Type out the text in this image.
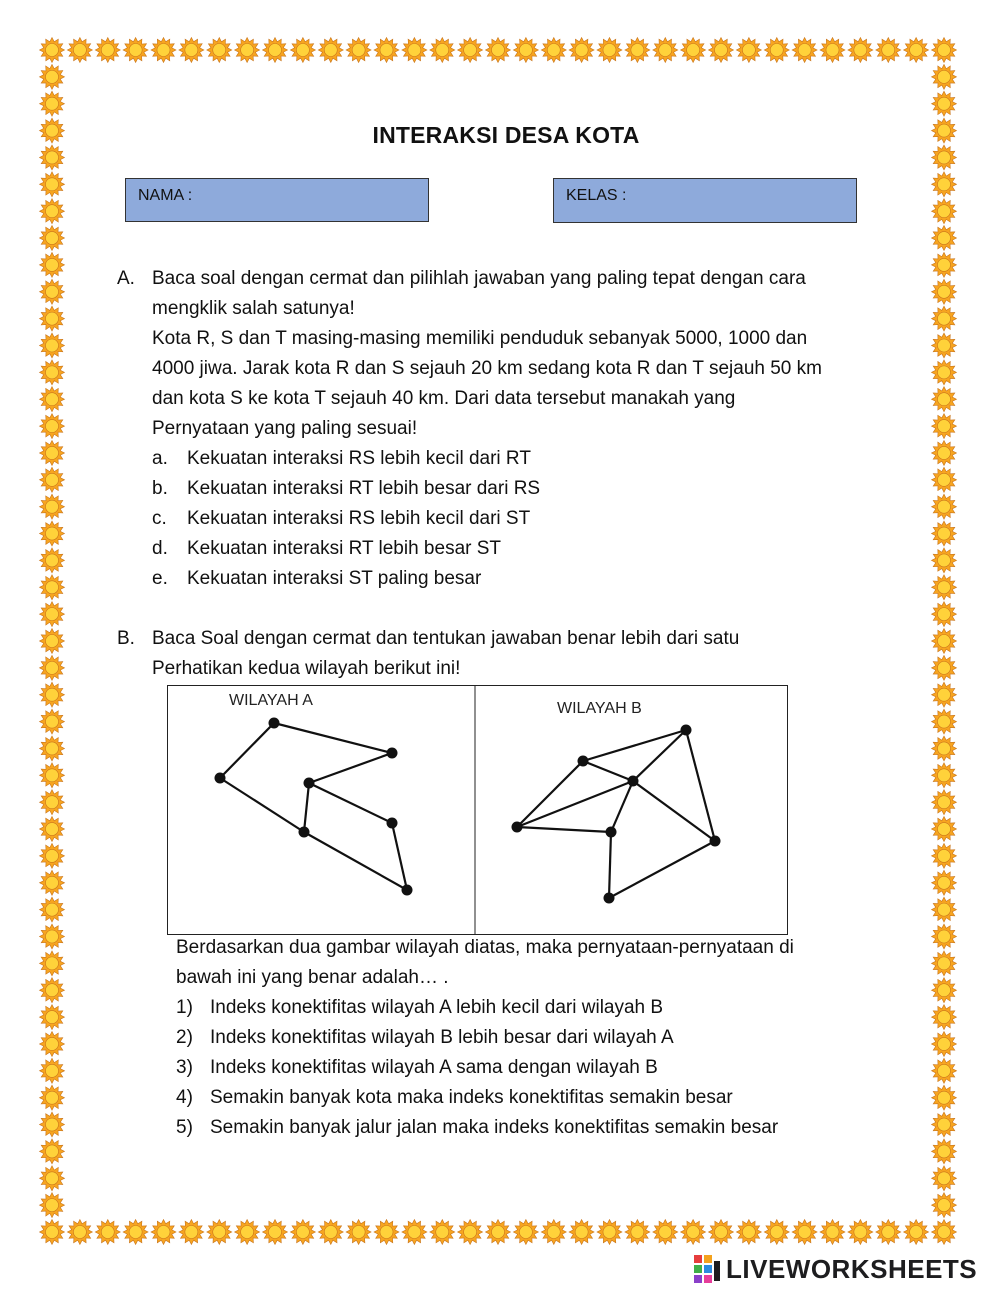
INTERAKSI DESA KOTA
NAMA :	KELAS :
A. Baca soal dengan cermat dan pilihlah jawaban yang paling tepat dengan cara
mengklik salah satunya!
Kota R, S dan T masing-masing memiliki penduduk sebanyak 5000, 1000 dan
4000 jiwa. Jarak kota R dan S sejauh 20 km sedang kota R dan T sejauh 50 km
dan kota S ke kota T sejauh 40 km. Dari data tersebut manakah yang
Pernyataan yang paling sesuai!
a. Kekuatan interaksi RS lebih kecil dari RT
b. Kekuatan interaksi RT lebih besar dari RS
c. Kekuatan interaksi RS lebih kecil dari ST
d. Kekuatan interaksi RT lebih besar ST
e. Kekuatan interaksi ST paling besar
B. Baca Soal dengan cermat dan tentukan jawaban benar lebih dari satu
Perhatikan kedua wilayah berikut ini!
WILAYAH A	WILAYAH B
Berdasarkan dua gambar wilayah diatas, maka pernyataan-pernyataan di
bawah ini yang benar adalah… .
1) Indeks konektifitas wilayah A lebih kecil dari wilayah B
2) Indeks konektifitas wilayah B lebih besar dari wilayah A
3) Indeks konektifitas wilayah A sama dengan wilayah B
4) Semakin banyak kota maka indeks konektifitas semakin besar
5) Semakin banyak jalur jalan maka indeks konektifitas semakin besar
LIVEWORKSHEETS
